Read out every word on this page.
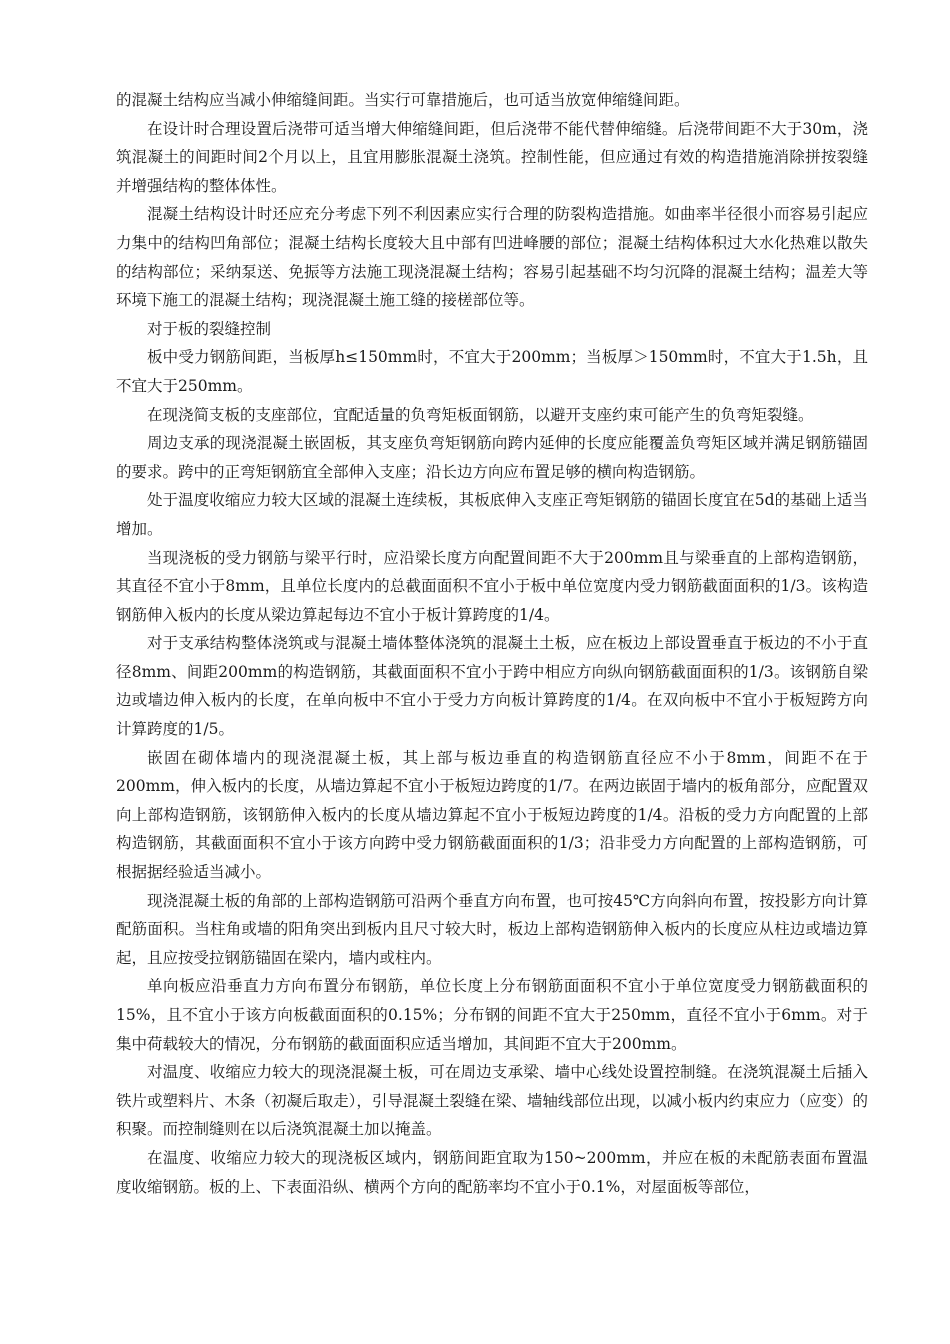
的混凝土结构应当减小伸缩缝间距。当实行可靠措施后，也可适当放宽伸缩缝间距。

在设计时合理设置后浇带可适当增大伸缩缝间距，但后浇带不能代替伸缩缝。后浇带间距不大于30m，浇筑混凝土的间距时间2个月以上，且宜用膨胀混凝土浇筑。控制性能，但应通过有效的构造措施消除拼按裂缝并增强结构的整体体性。

混凝土结构设计时还应充分考虑下列不利因素应实行合理的防裂构造措施。如曲率半径很小而容易引起应力集中的结构凹角部位；混凝土结构长度较大且中部有凹进峰腰的部位；混凝土结构体积过大水化热难以散失的结构部位；采纳泵送、免振等方法施工现浇混凝土结构；容易引起基础不均匀沉降的混凝土结构；温差大等环境下施工的混凝土结构；现浇混凝土施工缝的接槎部位等。

对于板的裂缝控制

板中受力钢筋间距，当板厚h≤150mm时，不宜大于200mm；当板厚＞150mm时，不宜大于1.5h，且不宜大于250mm。

在现浇简支板的支座部位，宜配适量的负弯矩板面钢筋，以避开支座约束可能产生的负弯矩裂缝。

周边支承的现浇混凝土嵌固板，其支座负弯矩钢筋向跨内延伸的长度应能覆盖负弯矩区域并满足钢筋锚固的要求。跨中的正弯矩钢筋宜全部伸入支座；沿长边方向应布置足够的横向构造钢筋。

处于温度收缩应力较大区域的混凝土连续板，其板底伸入支座正弯矩钢筋的锚固长度宜在5d的基础上适当增加。

当现浇板的受力钢筋与梁平行时，应沿梁长度方向配置间距不大于200mm且与梁垂直的上部构造钢筋，其直径不宜小于8mm，且单位长度内的总截面面积不宜小于板中单位宽度内受力钢筋截面面积的1/3。该构造钢筋伸入板内的长度从梁边算起每边不宜小于板计算跨度的1/4。

对于支承结构整体浇筑或与混凝土墙体整体浇筑的混凝土土板，应在板边上部设置垂直于板边的不小于直径8mm、间距200mm的构造钢筋，其截面面积不宜小于跨中相应方向纵向钢筋截面面积的1/3。该钢筋自梁边或墙边伸入板内的长度，在单向板中不宜小于受力方向板计算跨度的1/4。在双向板中不宜小于板短跨方向计算跨度的1/5。

嵌固在砌体墙内的现浇混凝土板，其上部与板边垂直的构造钢筋直径应不小于8mm，间距不在于200mm，伸入板内的长度，从墙边算起不宜小于板短边跨度的1/7。在两边嵌固于墙内的板角部分，应配置双向上部构造钢筋，该钢筋伸入板内的长度从墙边算起不宜小于板短边跨度的1/4。沿板的受力方向配置的上部构造钢筋，其截面面积不宜小于该方向跨中受力钢筋截面面积的1/3；沿非受力方向配置的上部构造钢筋，可根据据经验适当减小。

现浇混凝土板的角部的上部构造钢筋可沿两个垂直方向布置，也可按45℃方向斜向布置，按投影方向计算配筋面积。当柱角或墙的阳角突出到板内且尺寸较大时，板边上部构造钢筋伸入板内的长度应从柱边或墙边算起，且应按受拉钢筋锚固在梁内，墙内或柱内。

单向板应沿垂直力方向布置分布钢筋，单位长度上分布钢筋面面积不宜小于单位宽度受力钢筋截面积的15%，且不宜小于该方向板截面面积的0.15%；分布钢的间距不宜大于250mm，直径不宜小于6mm。对于集中荷载较大的情况，分布钢筋的截面面积应适当增加，其间距不宜大于200mm。

对温度、收缩应力较大的现浇混凝土板，可在周边支承梁、墙中心线处设置控制缝。在浇筑混凝土后插入铁片或塑料片、木条（初凝后取走），引导混凝土裂缝在梁、墙轴线部位出现，以减小板内约束应力（应变）的积聚。而控制缝则在以后浇筑混凝土加以掩盖。

在温度、收缩应力较大的现浇板区域内，钢筋间距宜取为150~200mm，并应在板的未配筋表面布置温度收缩钢筋。板的上、下表面沿纵、横两个方向的配筋率均不宜小于0.1%，对屋面板等部位，
